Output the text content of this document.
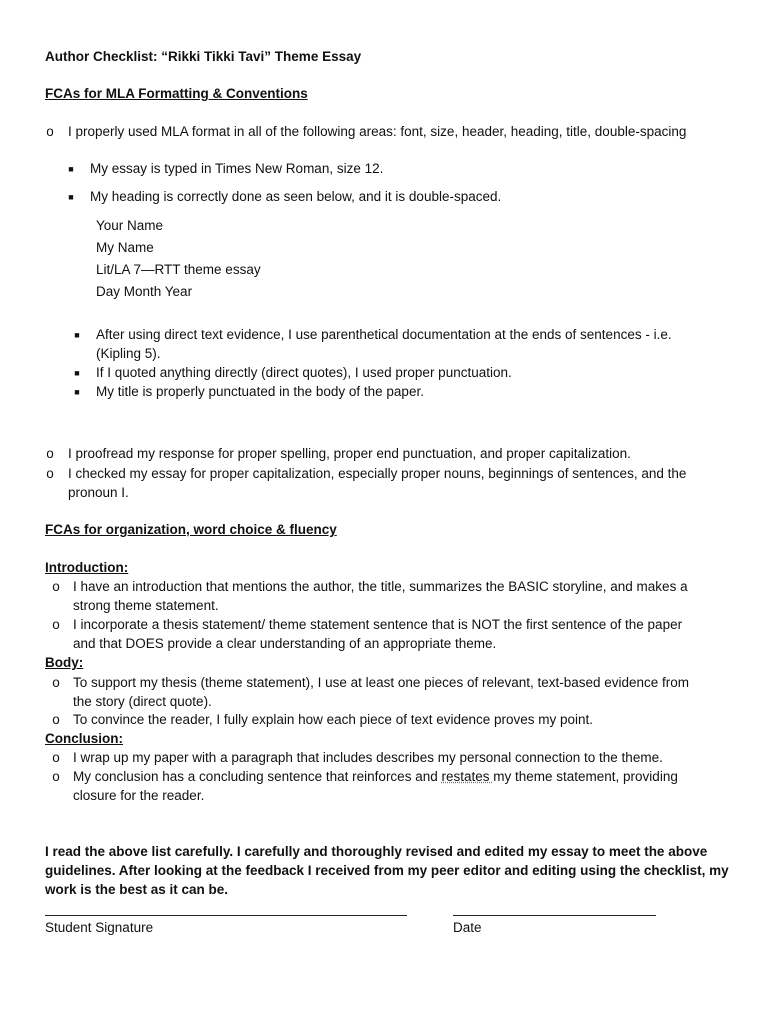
Author Checklist: “Rikki Tikki Tavi” Theme Essay
FCAs for MLA Formatting & Conventions
o I properly used MLA format in all of the following areas: font, size, header, heading, title, double-spacing
■	My essay is typed in Times New Roman, size 12.
■	My heading is correctly done as seen below, and it is double-spaced.
Your Name
My Name
Lit/LA 7—RTT theme essay
Day Month Year
■	After using direct text evidence, I use parenthetical documentation at the ends of sentences - i.e.
(Kipling 5).
■	If I quoted anything directly (direct quotes), I used proper punctuation.
■	My title is properly punctuated in the body of the paper.
o I proofread my response for proper spelling, proper end punctuation, and proper capitalization.
o I checked my essay for proper capitalization, especially proper nouns, beginnings of sentences, and the
pronoun I.
FCAs for organization, word choice & fluency
Introduction:
o I have an introduction that mentions the author, the title, summarizes the BASIC storyline, and makes a
strong theme statement.
o I incorporate a thesis statement/ theme statement sentence that is NOT the first sentence of the paper
and that DOES provide a clear understanding of an appropriate theme.
Body:
o To support my thesis (theme statement), I use at least one pieces of relevant, text-based evidence from
the story (direct quote).
o To convince the reader, I fully explain how each piece of text evidence proves my point.
Conclusion:
o I wrap up my paper with a paragraph that includes describes my personal connection to the theme.
o My conclusion has a concluding sentence that reinforces and restates my theme statement, providing
closure for the reader.
I read the above list carefully. I carefully and thoroughly revised and edited my essay to meet the above
guidelines. After looking at the feedback I received from my peer editor and editing using the checklist, my
work is the best as it can be.
Student Signature	Date
